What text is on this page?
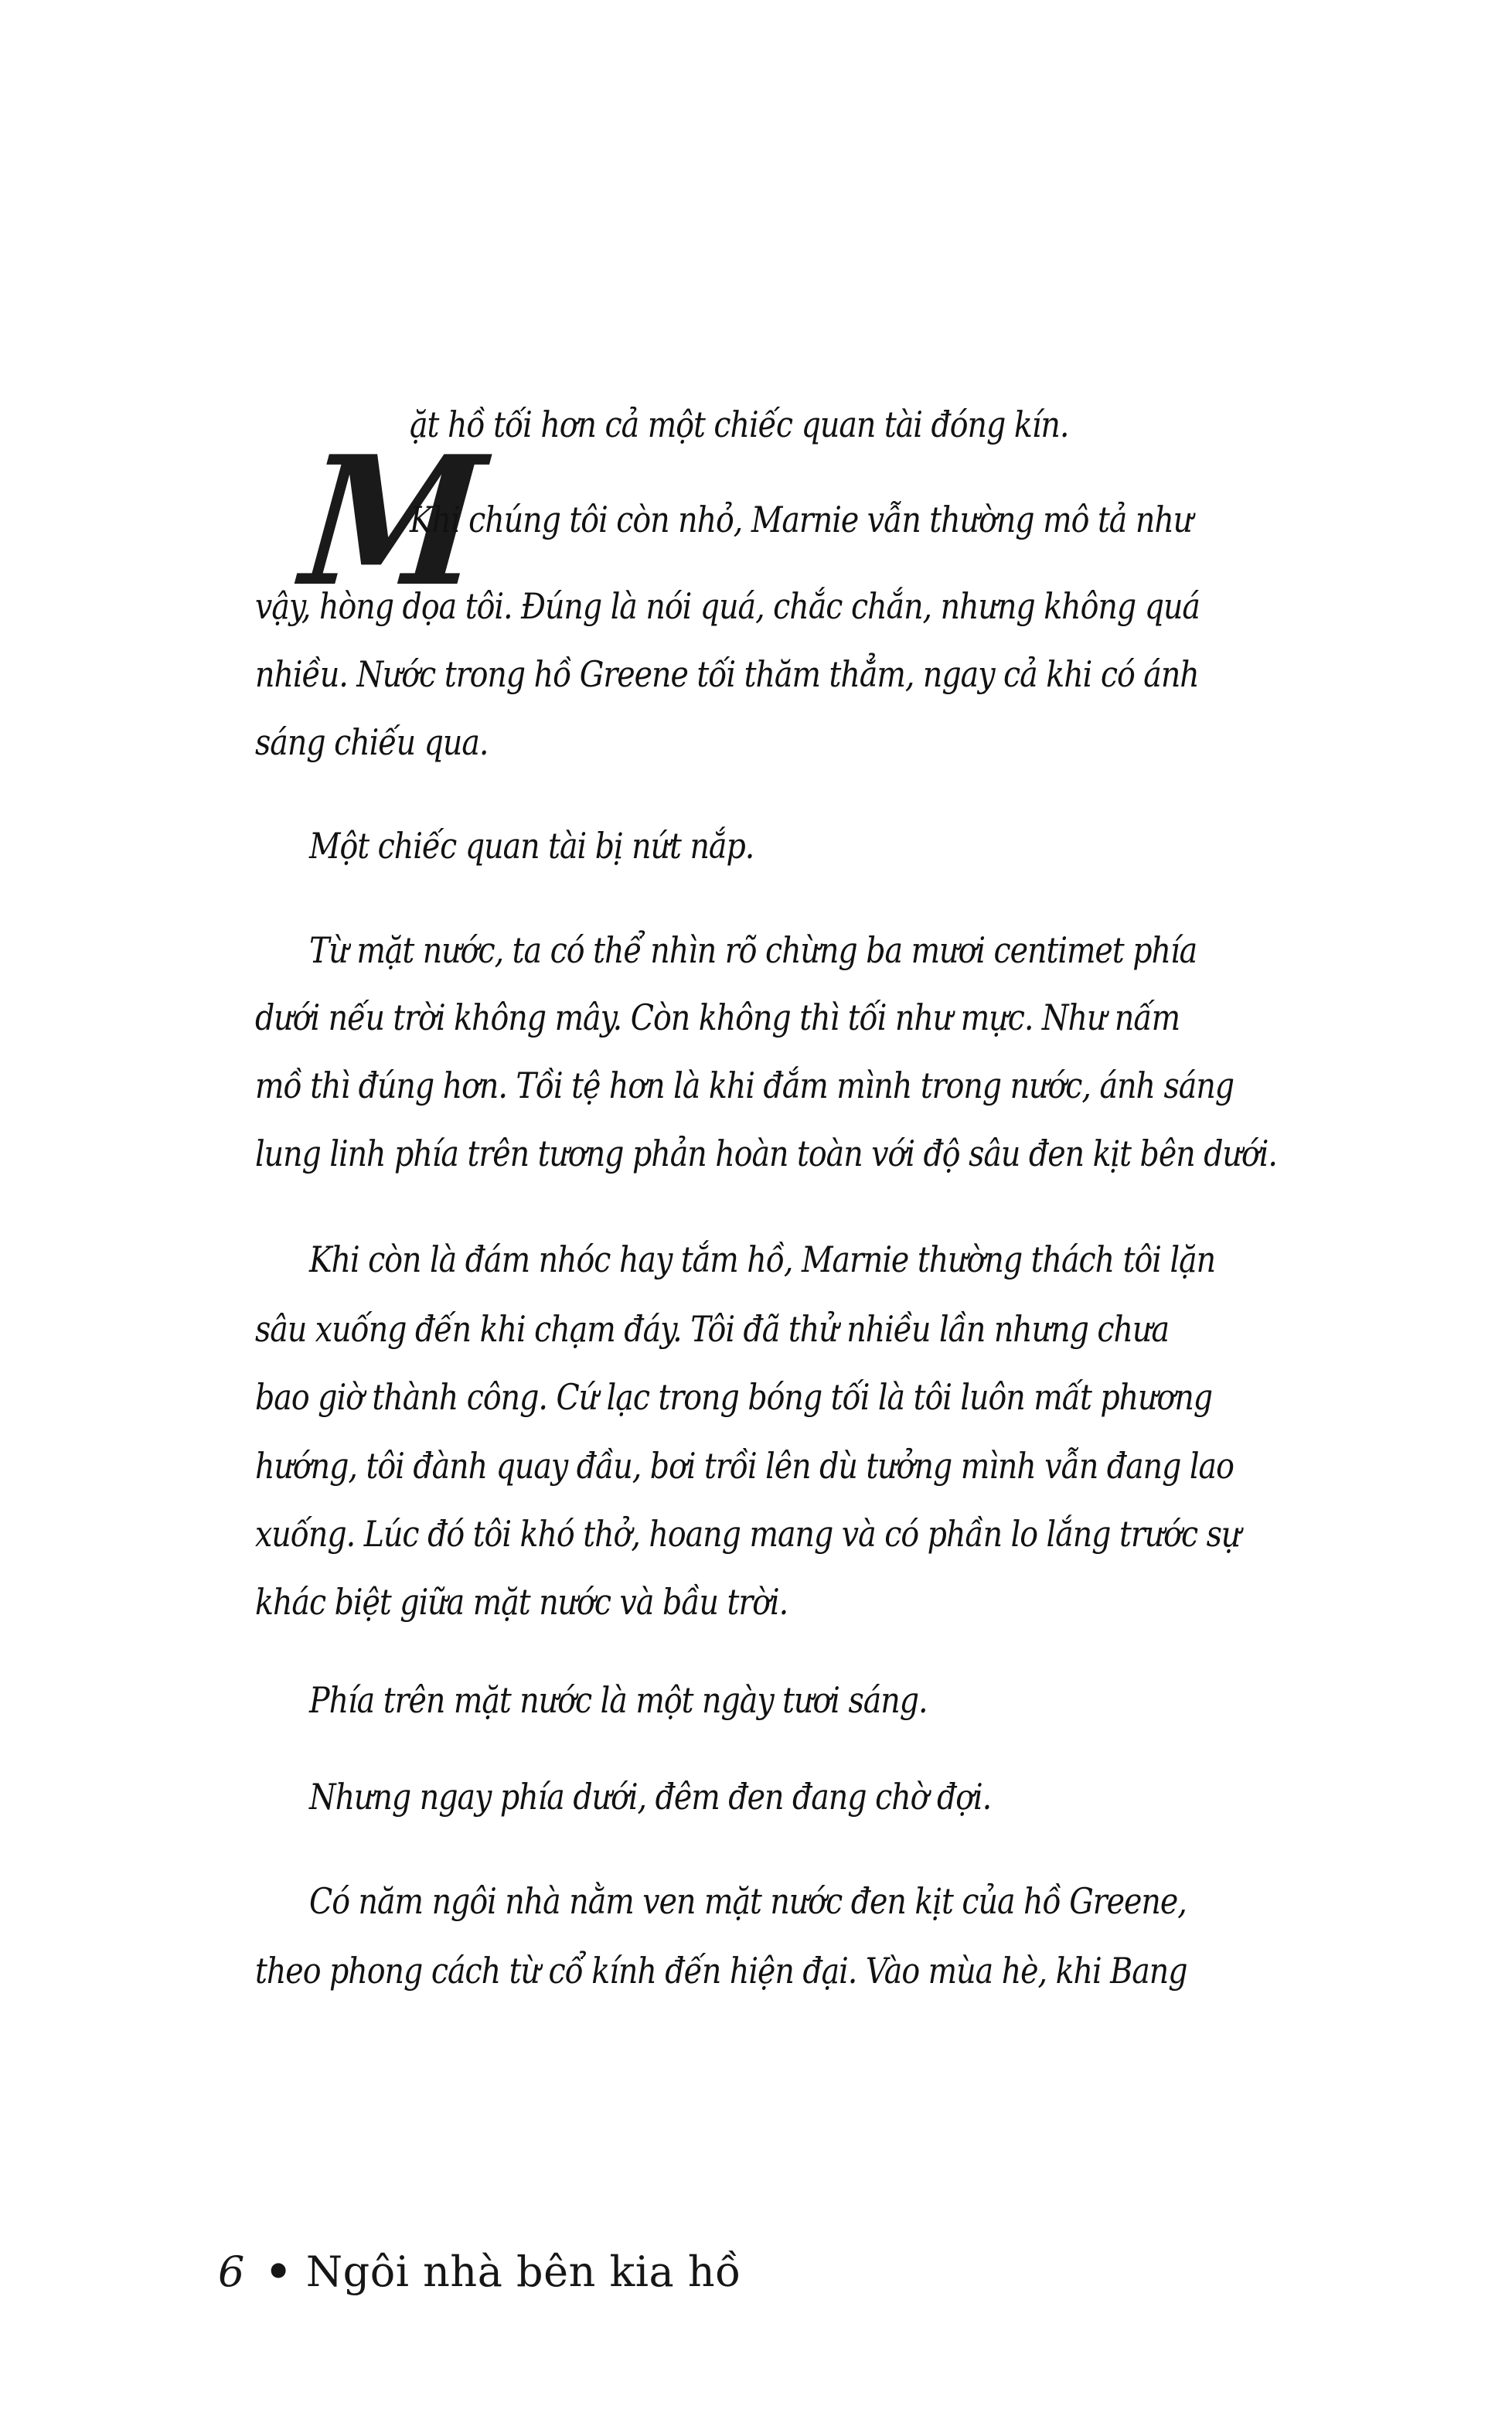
M
ặt hồ tối hơn cả một chiếc quan tài đóng kín.
Khi chúng tôi còn nhỏ, Marnie vẫn thường mô tả như
vậy, hòng dọa tôi. Đúng là nói quá, chắc chắn, nhưng không quá
nhiều. Nước trong hồ Greene tối thăm thẳm, ngay cả khi có ánh
sáng chiếu qua.
Một chiếc quan tài bị nứt nắp.
Từ mặt nước, ta có thể nhìn rõ chừng ba mươi centimet phía
dưới nếu trời không mây. Còn không thì tối như mực. Như nấm
mồ thì đúng hơn. Tồi tệ hơn là khi đắm mình trong nước, ánh sáng
lung linh phía trên tương phản hoàn toàn với độ sâu đen kịt bên dưới.
Khi còn là đám nhóc hay tắm hồ, Marnie thường thách tôi lặn
sâu xuống đến khi chạm đáy. Tôi đã thử nhiều lần nhưng chưa
bao giờ thành công. Cứ lạc trong bóng tối là tôi luôn mất phương
hướng, tôi đành quay đầu, bơi trồi lên dù tưởng mình vẫn đang lao
xuống. Lúc đó tôi khó thở, hoang mang và có phần lo lắng trước sự
khác biệt giữa mặt nước và bầu trời.
Phía trên mặt nước là một ngày tươi sáng.
Nhưng ngay phía dưới, đêm đen đang chờ đợi.
Có năm ngôi nhà nằm ven mặt nước đen kịt của hồ Greene,
theo phong cách từ cổ kính đến hiện đại. Vào mùa hè, khi Bang
6 • Ngôi nhà bên kia hồ
